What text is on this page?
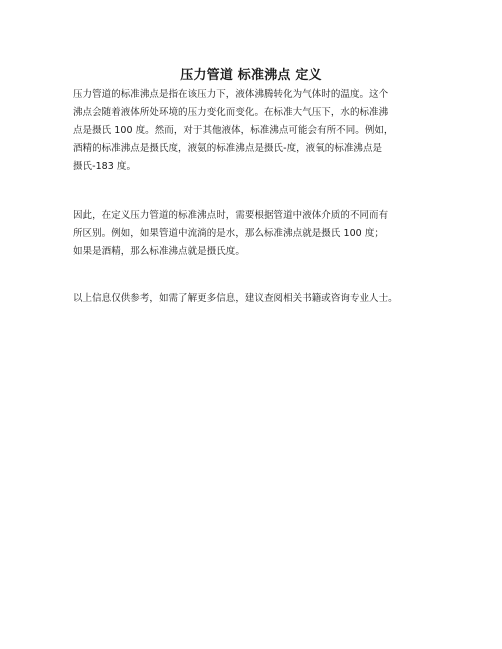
压力管道 标准沸点 定义
压力管道的标准沸点是指在该压力下，液体沸腾转化为气体时的温度。这个
沸点会随着液体所处环境的压力变化而变化。在标准大气压下，水的标准沸
点是摄氏 100 度。然而，对于其他液体，标准沸点可能会有所不同。例如，
酒精的标准沸点是摄氏度，液氨的标准沸点是摄氏-度，液氧的标准沸点是
摄氏-183 度。
因此，在定义压力管道的标准沸点时，需要根据管道中液体介质的不同而有
所区别。例如，如果管道中流淌的是水，那么标准沸点就是摄氏 100 度；
如果是酒精，那么标准沸点就是摄氏度。
以上信息仅供参考，如需了解更多信息，建议查阅相关书籍或咨询专业人士。
